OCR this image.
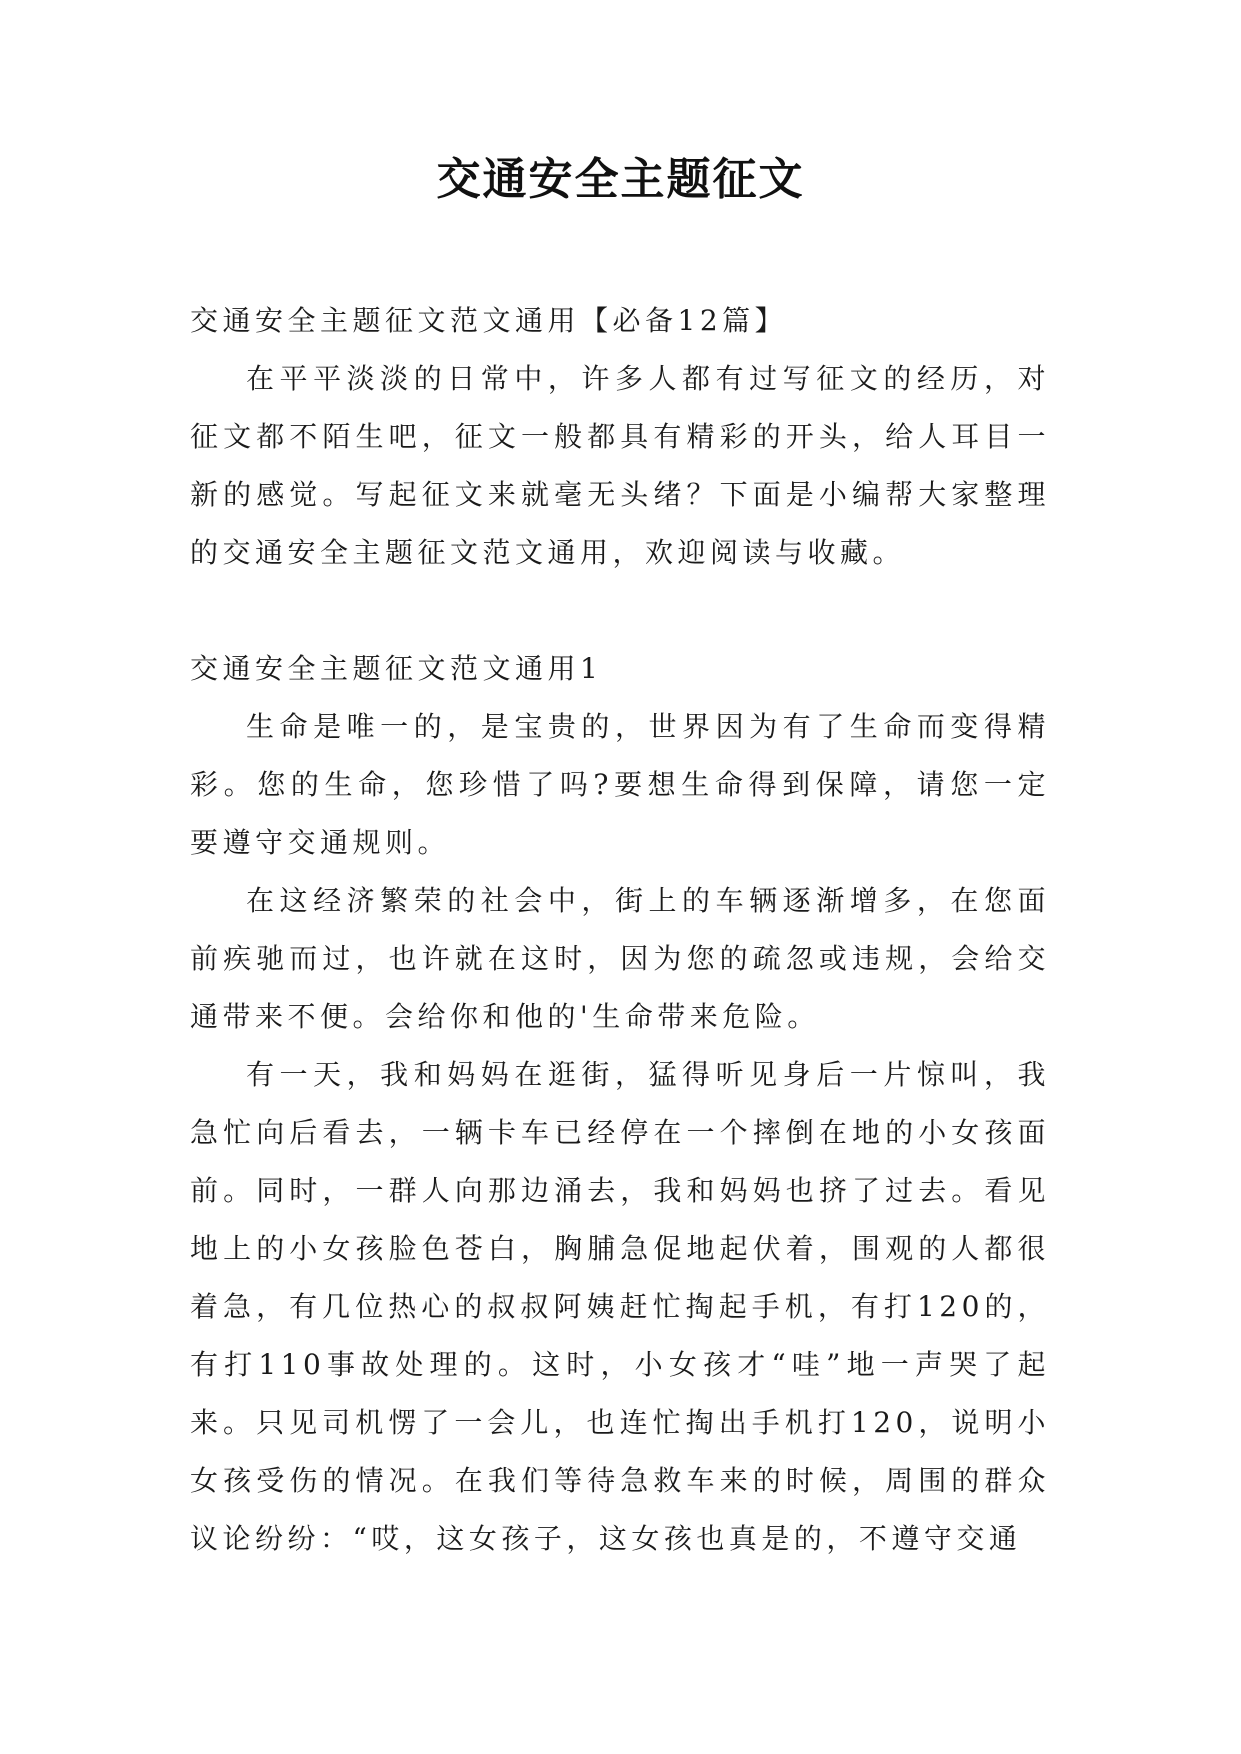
交通安全主题征文

交通安全主题征文范文通用【必备12篇】

在平平淡淡的日常中，许多人都有过写征文的经历，对征文都不陌生吧，征文一般都具有精彩的开头，给人耳目一新的感觉。写起征文来就毫无头绪？下面是小编帮大家整理的交通安全主题征文范文通用，欢迎阅读与收藏。

交通安全主题征文范文通用1

生命是唯一的，是宝贵的，世界因为有了生命而变得精彩。您的生命，您珍惜了吗?要想生命得到保障，请您一定要遵守交通规则。

在这经济繁荣的社会中，街上的车辆逐渐增多，在您面前疾驰而过，也许就在这时，因为您的疏忽或违规，会给交通带来不便。会给你和他的'生命带来危险。

有一天，我和妈妈在逛街，猛得听见身后一片惊叫，我急忙向后看去，一辆卡车已经停在一个摔倒在地的小女孩面前。同时，一群人向那边涌去，我和妈妈也挤了过去。看见地上的小女孩脸色苍白，胸脯急促地起伏着，围观的人都很着急，有几位热心的叔叔阿姨赶忙掏起手机，有打120的，有打110事故处理的。这时，小女孩才“哇”地一声哭了起来。只见司机愣了一会儿，也连忙掏出手机打120，说明小女孩受伤的情况。在我们等待急救车来的时候，周围的群众议论纷纷：“哎，这女孩子，这女孩也真是的，不遵守交通
